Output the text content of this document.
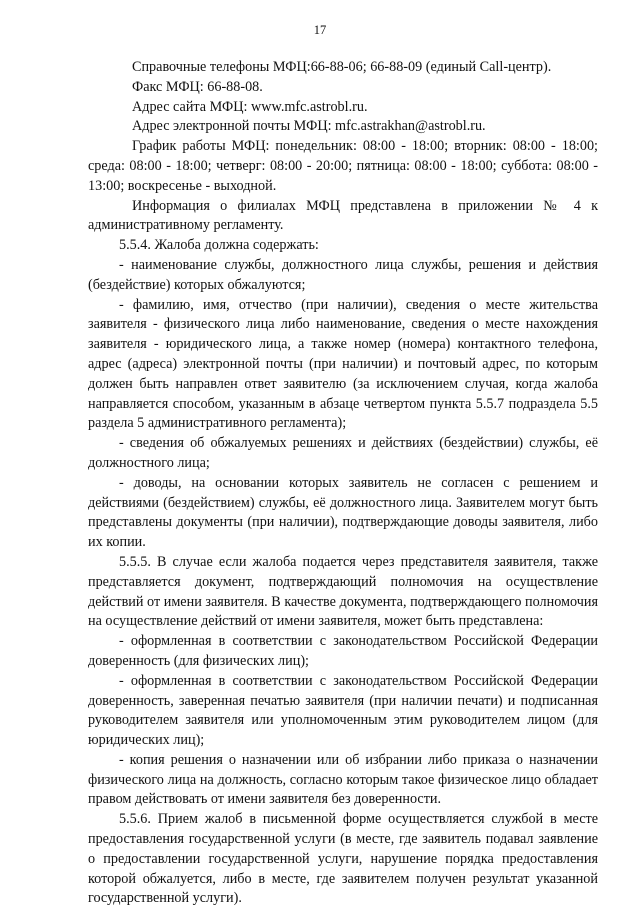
17

Справочные телефоны МФЦ:66-88-06; 66-88-09 (единый Call-центр).

Факс МФЦ: 66-88-08.

Адрес сайта МФЦ: www.mfc.astrobl.ru.

Адрес электронной почты МФЦ: mfc.astrakhan@astrobl.ru.

График работы МФЦ: понедельник: 08:00 - 18:00; вторник: 08:00 - 18:00; среда: 08:00 - 18:00; четверг: 08:00 - 20:00; пятница: 08:00 - 18:00; суббота: 08:00 - 13:00; воскресенье - выходной.

Информация о филиалах МФЦ представлена в приложении № 4 к административному регламенту.

5.5.4. Жалоба должна содержать:

- наименование службы, должностного лица службы, решения и действия (бездействие) которых обжалуются;

- фамилию, имя, отчество (при наличии), сведения о месте жительства заявителя - физического лица либо наименование, сведения о месте нахождения заявителя - юридического лица, а также номер (номера) контактного телефона, адрес (адреса) электронной почты (при наличии) и почтовый адрес, по которым должен быть направлен ответ заявителю (за исключением случая, когда жалоба направляется способом, указанным в абзаце четвертом пункта 5.5.7 подраздела 5.5 раздела 5 административного регламента);

- сведения об обжалуемых решениях и действиях (бездействии) службы, её должностного лица;

- доводы, на основании которых заявитель не согласен с решением и действиями (бездействием) службы, её должностного лица. Заявителем могут быть представлены документы (при наличии), подтверждающие доводы заявителя, либо их копии.

5.5.5. В случае если жалоба подается через представителя заявителя, также представляется документ, подтверждающий полномочия на осуществление действий от имени заявителя. В качестве документа, подтверждающего полномочия на осуществление действий от имени заявителя, может быть представлена:

- оформленная в соответствии с законодательством Российской Федерации доверенность (для физических лиц);

- оформленная в соответствии с законодательством Российской Федерации доверенность, заверенная печатью заявителя (при наличии печати) и подписанная руководителем заявителя или уполномоченным этим руководителем лицом (для юридических лиц);

- копия решения о назначении или об избрании либо приказа о назначении физического лица на должность, согласно которым такое физическое лицо обладает правом действовать от имени заявителя без доверенности.

5.5.6. Прием жалоб в письменной форме осуществляется службой в месте предоставления государственной услуги (в месте, где заявитель подавал заявление о предоставлении государственной услуги, нарушение порядка предоставления которой обжалуется, либо в месте, где заявителем получен результат указанной государственной услуги).
